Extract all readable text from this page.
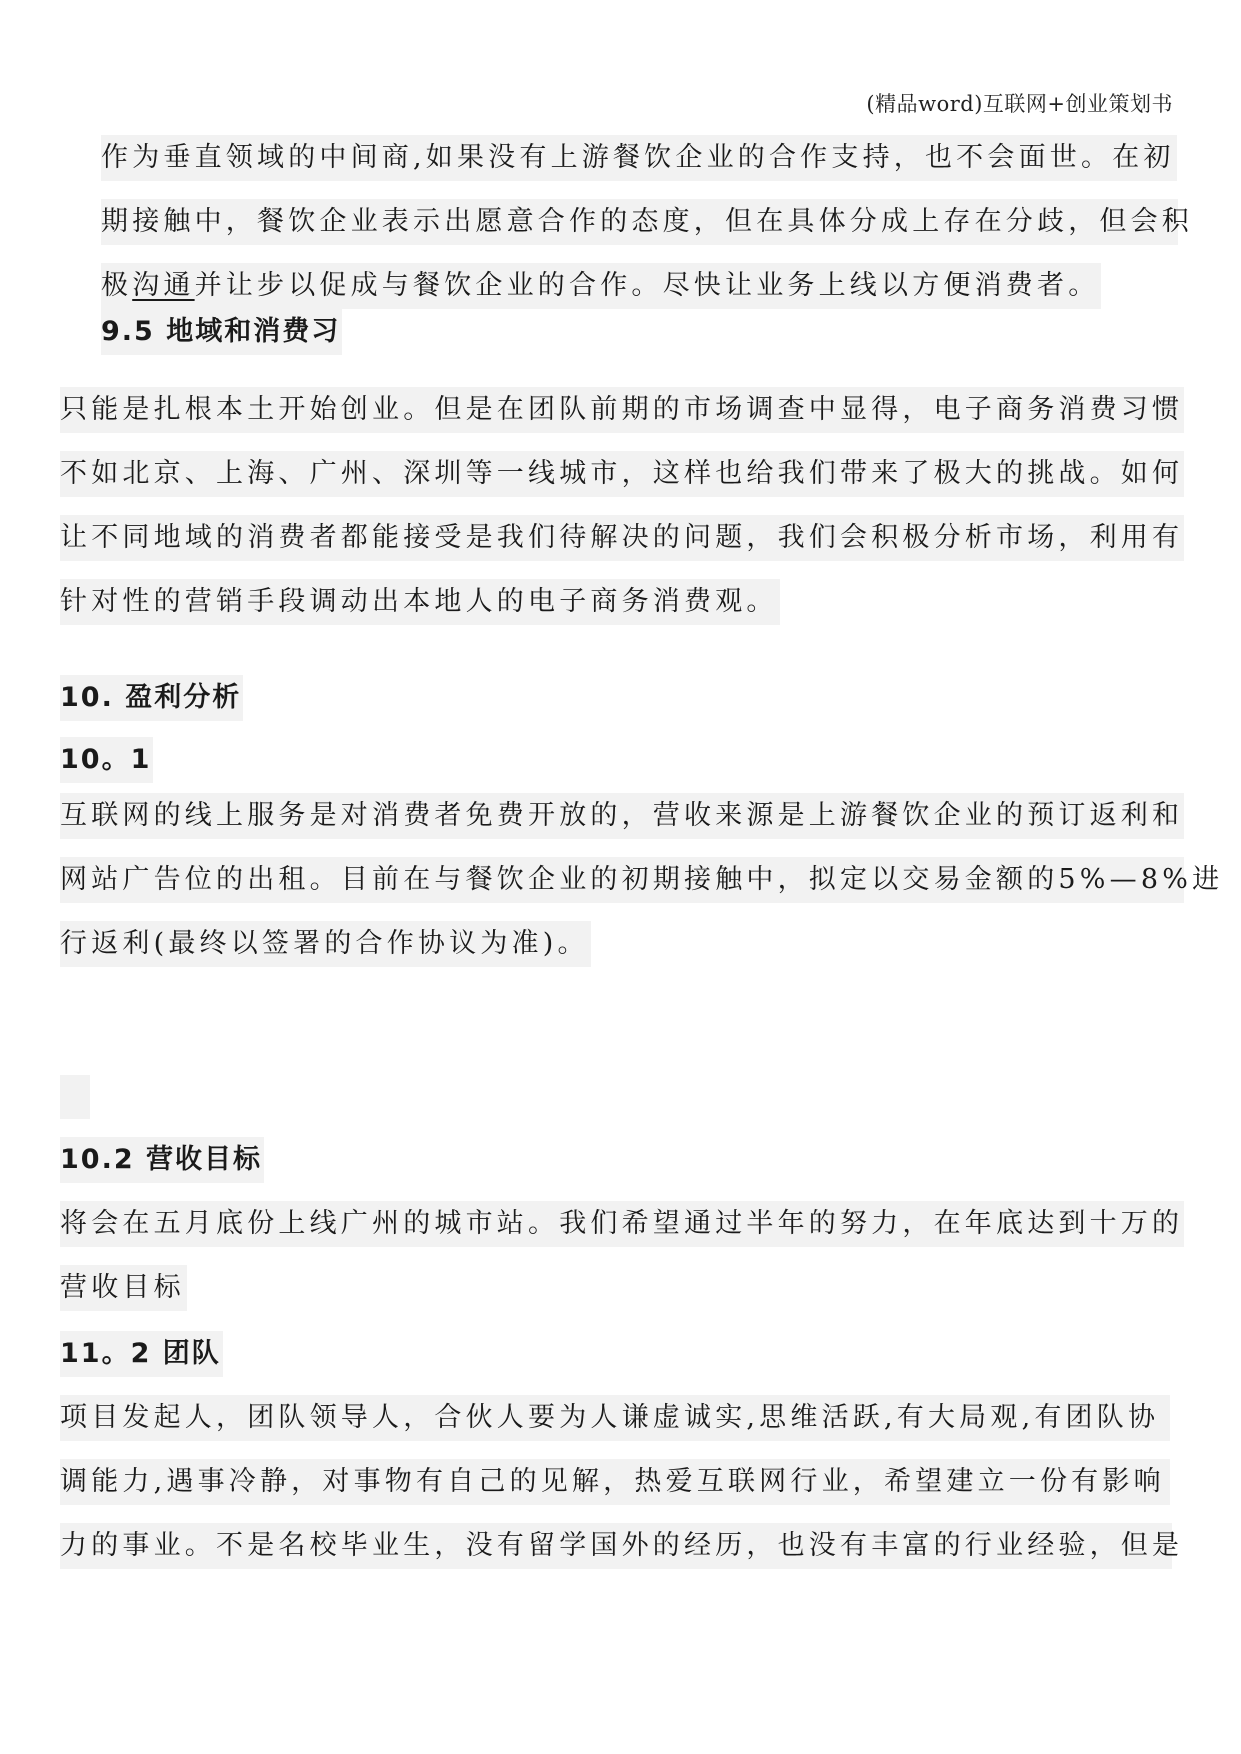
(精品word)互联网+创业策划书
作为垂直领域的中间商,如果没有上游餐饮企业的合作支持，也不会面世。在初
期接触中，餐饮企业表示出愿意合作的态度，但在具体分成上存在分歧，但会积
极沟通并让步以促成与餐饮企业的合作。尽快让业务上线以方便消费者。
9.5 地域和消费习
只能是扎根本土开始创业。但是在团队前期的市场调查中显得，电子商务消费习惯
不如北京、上海、广州、深圳等一线城市，这样也给我们带来了极大的挑战。如何
让不同地域的消费者都能接受是我们待解决的问题，我们会积极分析市场，利用有
针对性的营销手段调动出本地人的电子商务消费观。
10. 盈利分析
10。1
互联网的线上服务是对消费者免费开放的，营收来源是上游餐饮企业的预订返利和
网站广告位的出租。目前在与餐饮企业的初期接触中，拟定以交易金额的5%—8%进
行返利(最终以签署的合作协议为准)。
10.2 营收目标
将会在五月底份上线广州的城市站。我们希望通过半年的努力，在年底达到十万的
营收目标
11。2 团队
项目发起人，团队领导人，合伙人要为人谦虚诚实,思维活跃,有大局观,有团队协
调能力,遇事冷静，对事物有自己的见解，热爱互联网行业，希望建立一份有影响
力的事业。不是名校毕业生，没有留学国外的经历，也没有丰富的行业经验，但是
